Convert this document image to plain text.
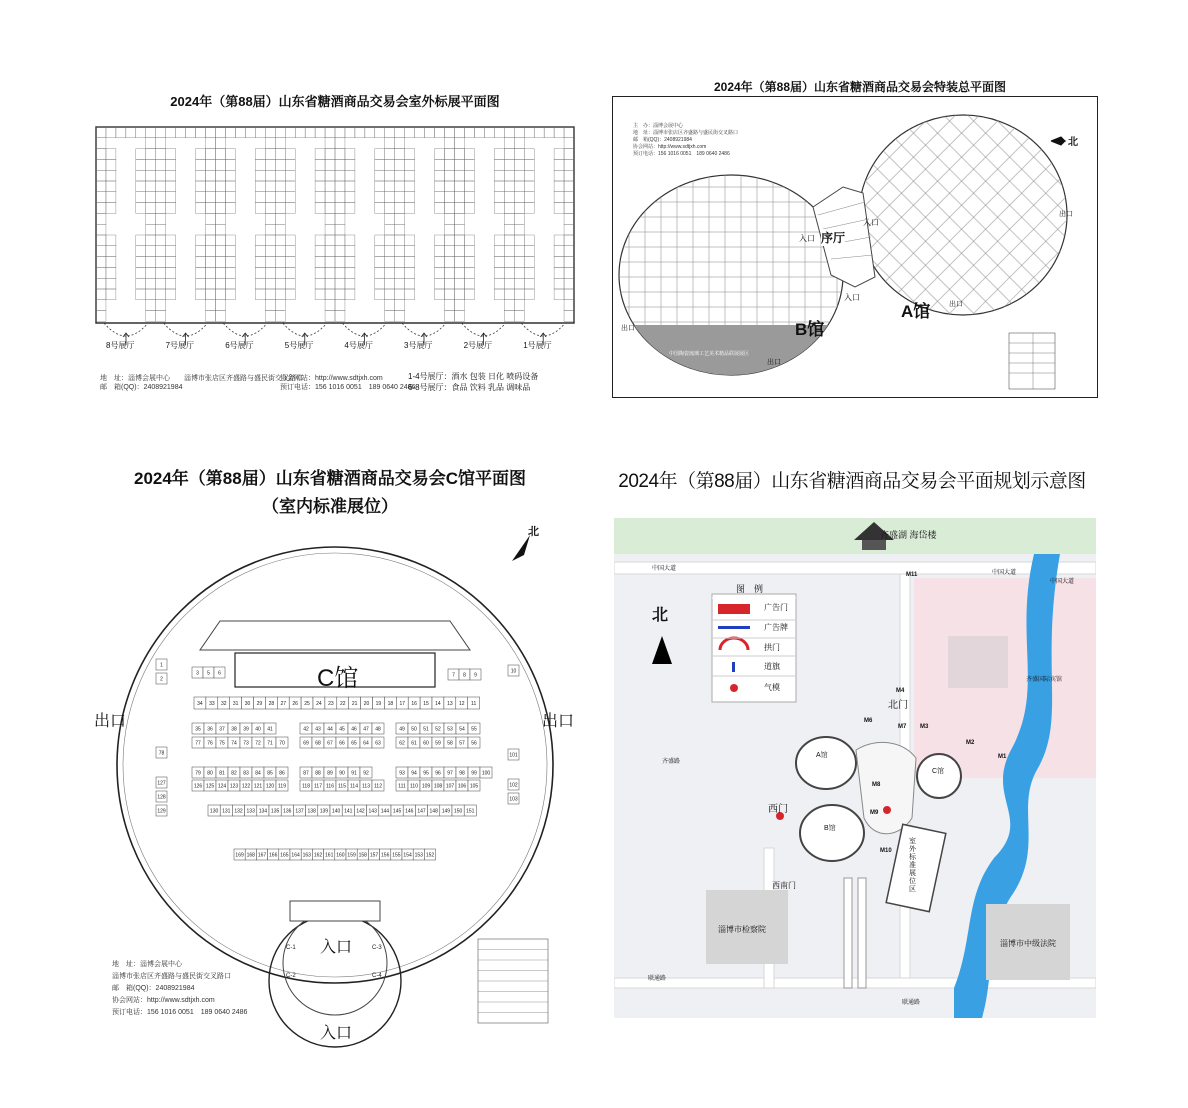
2024年（第88届）山东省糖酒商品交易会室外标展平面图
8号展厅	7号展厅	6号展厅	5号展厅	4号展厅	3号展厅	2号展厅	1号展厅
地　址：淄博会展中心　　淄博市张店区齐盛路与盛民街交叉路口
邮　箱(QQ)：2408921984
协会网站：http://www.sdtjxh.com
预订电话：156 1016 0051　189 0640 2486
1-4号展厅：酒水 包装 日化 喷码设备
6-8号展厅：食品 饮料 乳品 调味品
2024年（第88届）山东省糖酒商品交易会特装总平面图
北
A馆
B馆
序厅
入口
入口
入口
出口
出口
出口
出口
中国陶瓷琉璃工艺美术精品联展展区
主　办：淄博会展中心
地　址：淄博市张店区齐盛路与盛民街交叉路口
邮　箱(QQ)：2408921984
协会网站：http://www.sdtjxh.com
预订电话：156 1016 0051　189 0640 2486
2024年（第88届）山东省糖酒商品交易会C馆平面图
（室内标准展位）
34 33 32 31 30 29 28 27 26 25 24 23 22 21 20 19 18 17 16 15 14 13 12 11
35 36 37 38 39 40 41
77 76 75 74 73 72 71 70
42 43 44 45 46 47 48
69 68 67 66 65 64 63
49 50 51 52 53 54 55
62 61 60 59 58 57 56
79 80 81 82 83 84 85 86
126 125 124 123 122 121 120 119
87 88 89 90 91 92
118 117 116 115 114 113 112
93 94 95 96 97 98 99 100
111 110 109 108 107 106 105
130 131 132 133 134 135 136 137 138 139 140 141 142 143 144 145 146 147 148 149 150 151
169 168 167 166 165 164 163 162 161 160 159 158 157 156 155 154 153 152
1
2
78
127
128
129
10
101
102
103
3 5 6	7 8 9
C-1
C-2
C-3
C-4
C馆
北
出口	出口
入口
入口
地　址：淄博会展中心
淄博市张店区齐盛路与盛民街交叉路口
邮　箱(QQ)：2408921984
协会网站：http://www.sdtjxh.com
预订电话：156 1016 0051　189 0640 2486
2024年（第88届）山东省糖酒商品交易会平面规划示意图
北
图　例
广告门
广告牌
拱门
道旗
气模
齐盛湖 海岱楼
中国大道
中国大道
中国大道
联通路
联通路
齐盛路
北门
西门
西南门
A馆
B馆
C馆
室外标准展位区
淄博市检察院
淄博市中级法院
齐盛国际宾馆
M11
M4
M6
M7 M3
M2
M1
M8
M9
M10
